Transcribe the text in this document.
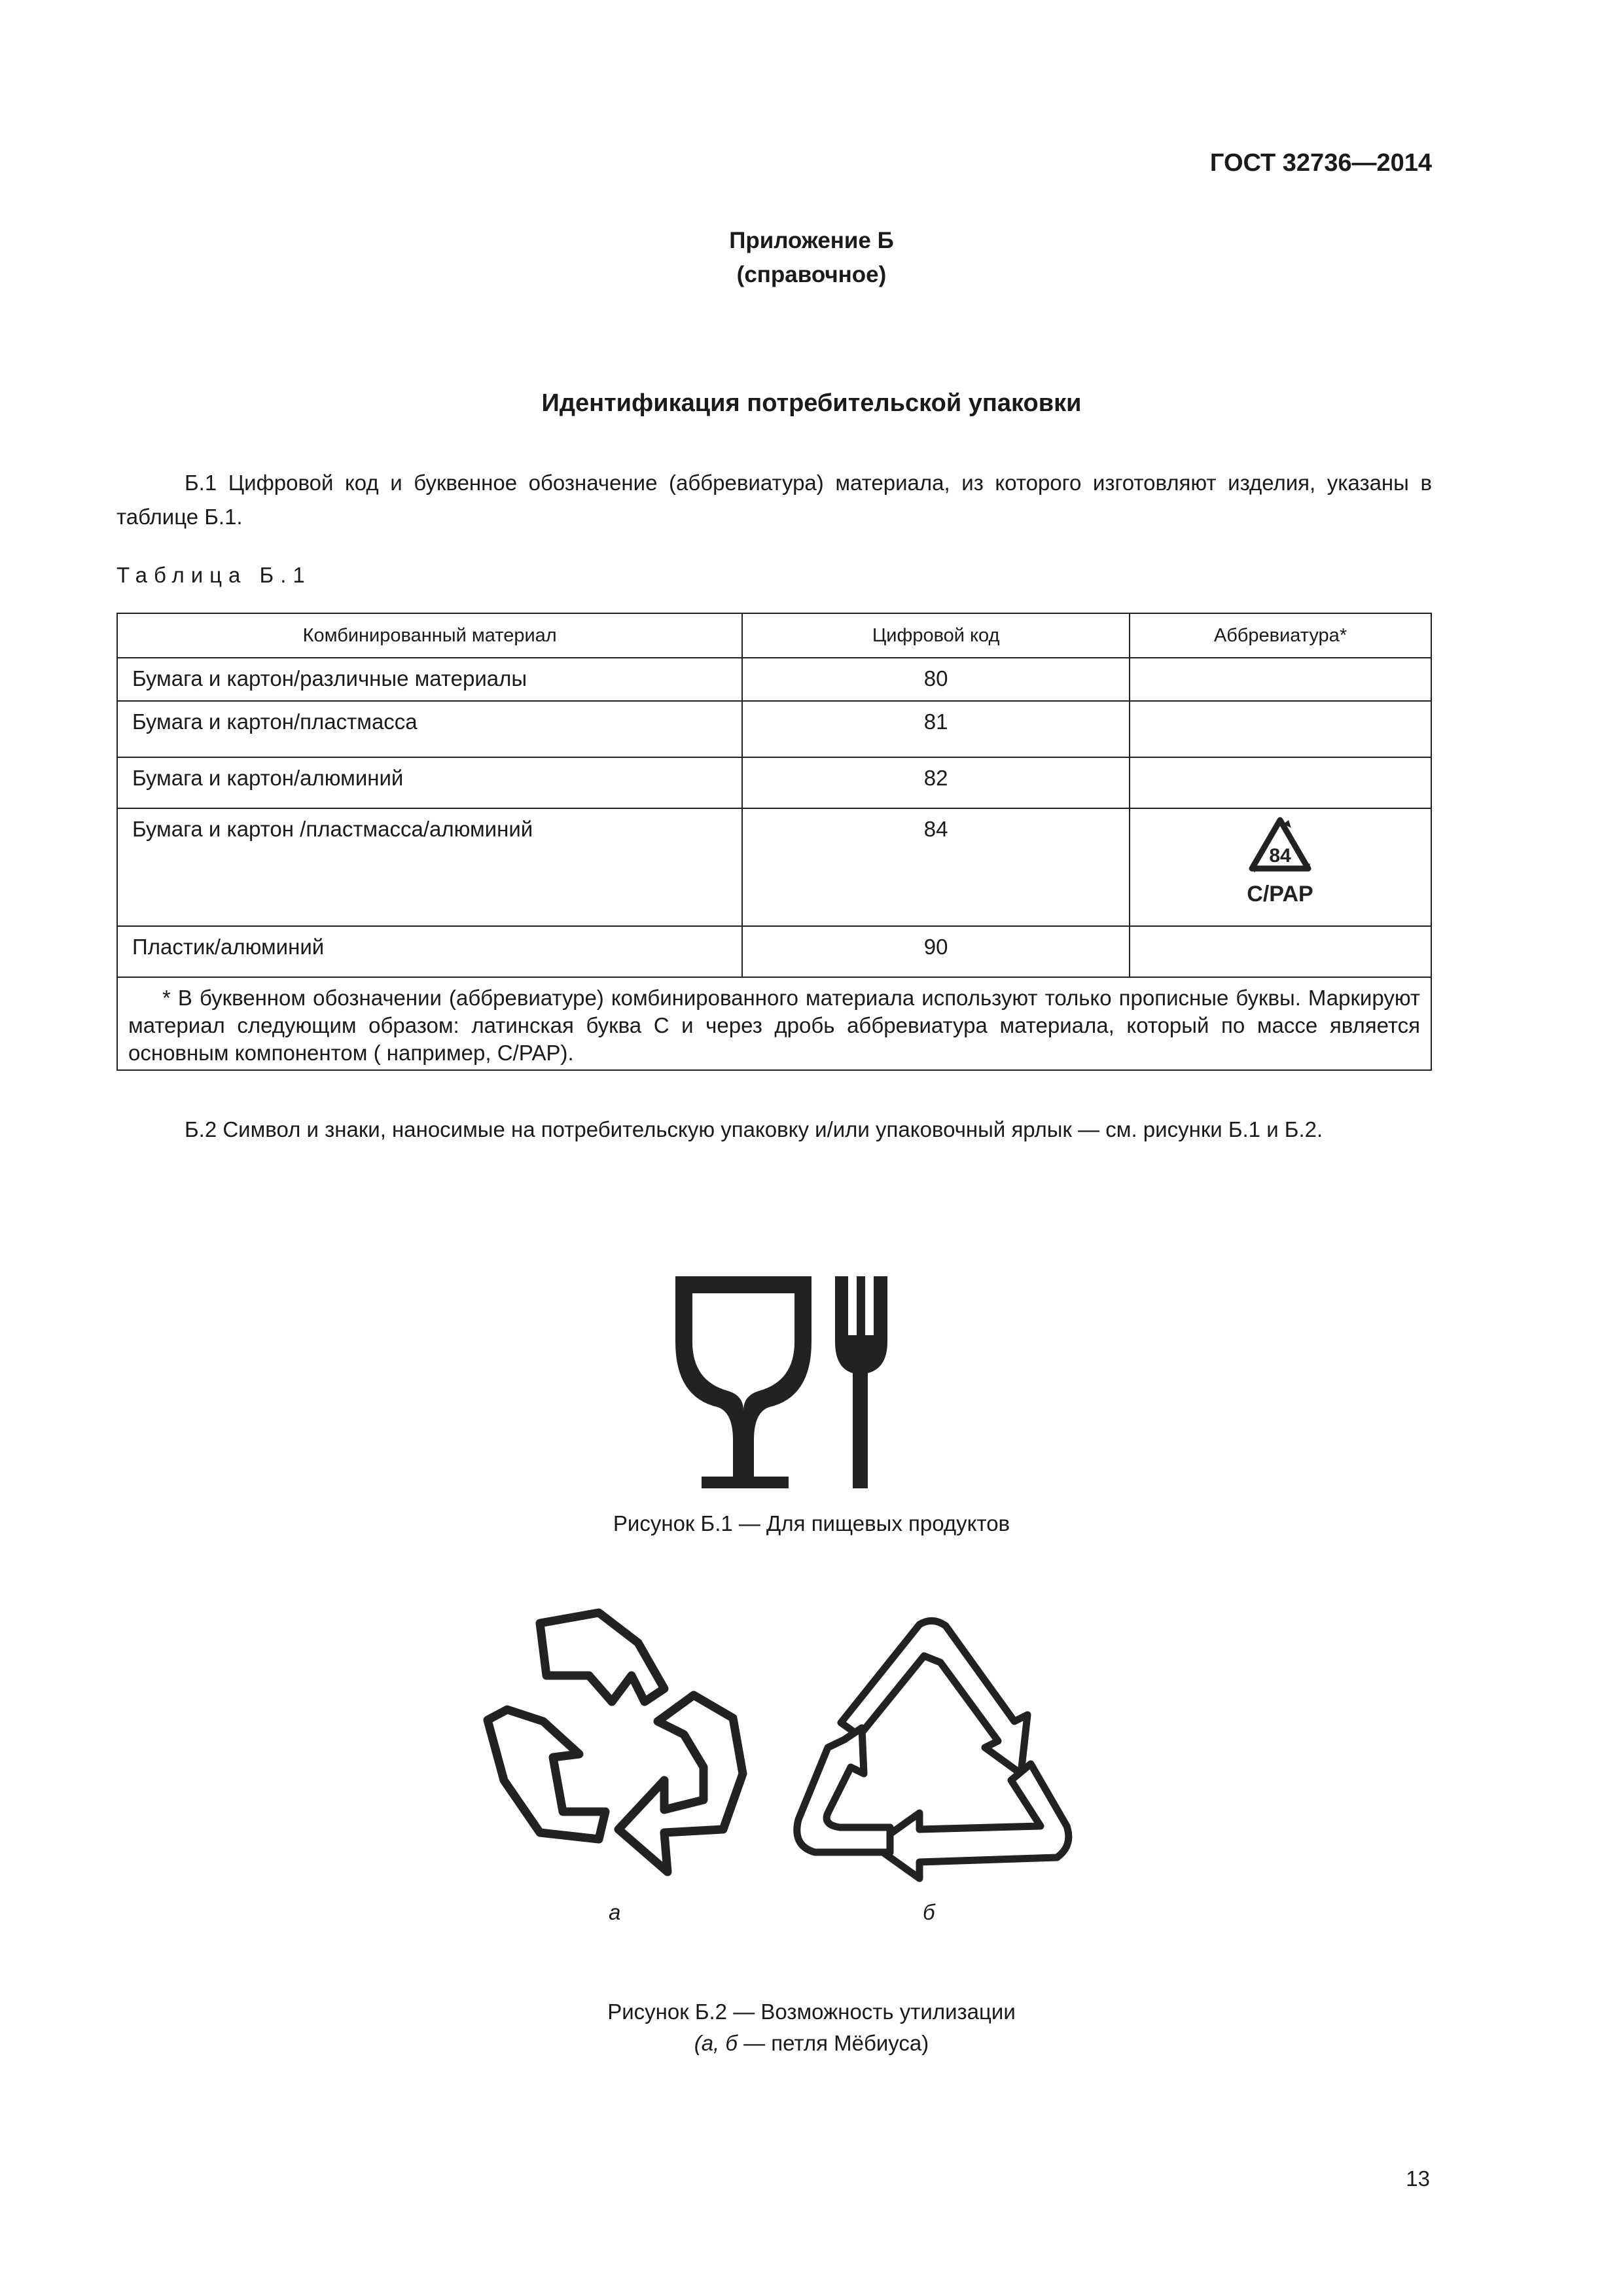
ГОСТ 32736—2014
Приложение Б
(справочное)
Идентификация потребительской упаковки
Б.1 Цифровой код и буквенное обозначение (аббревиатура) материала, из которого изготовляют изделия, указаны в таблице Б.1.
Таблица Б.1
Комбинированный материал	Цифровой код	Аббревиатура*
Бумага и картон/различные материалы	80	
Бумага и картон/пластмасса	81	
Бумага и картон/алюминий	82	
Бумага и картон /пластмасса/алюминий	84	84
C/PAP

Пластик/алюминий	90	
* В буквенном обозначении (аббревиатуре) комбинированного материала используют только прописные буквы. Маркируют материал следующим образом: латинская буква С и через дробь аббревиатура материала, который по массе является основным компонентом ( например, С/РАР).		
Б.2 Символ и знаки, наносимые на потребительскую упаковку и/или упаковочный ярлык — см. рисунки Б.1 и Б.2.
Рисунок Б.1 — Для пищевых продуктов
а	б
Рисунок Б.2 — Возможность утилизации
(а, б — петля Мёбиуса)
13
